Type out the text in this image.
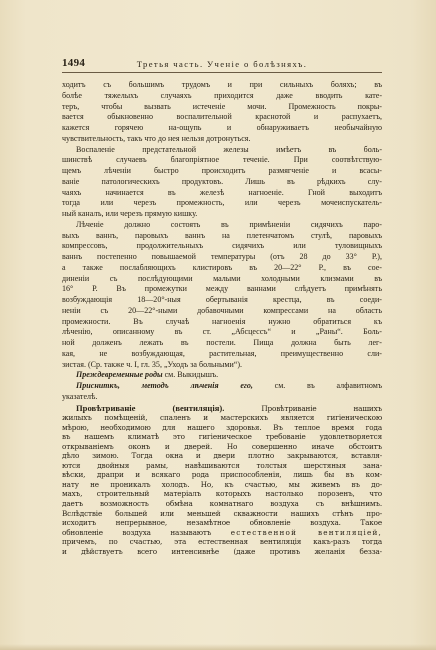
1494	Третья часть. Ученiе о болѣзняхъ.
ходитъ съ большимъ трудомъ и при сильныхъ боляхъ; въ
болѣе тяжелыхъ случаяхъ приходится даже вводить кате-
теръ, чтобы вызвать истеченiе мочи. Промежность покры-
вается обыкновенно воспалительной краснотой и распухаетъ,
кажется горячею на-ощупь и обнаруживаетъ необычайную
чувствительность, такъ что до нея нельзя дотронуться.
Воспаленiе предстательной железы имѣетъ въ боль-
шинствѣ случаевъ благопрiятное теченiе. При соотвѣтствую-
щемъ лѣченiи быстро происходитъ размягченiе и всасы-
ванiе патологическихъ продуктовъ. Лишь въ рѣдкихъ слу-
чаяхъ начинается въ железѣ нагноенiе. Гной выходитъ
тогда или черезъ промежность, или черезъ мочеиспускатель-
ный каналъ, или черезъ прямую кишку.
Лѣченiе должно состоять въ примѣненiи сидячихъ паро-
выхъ ваннъ, паровыхъ ваннъ на плетенчатомъ стулѣ, паровыхъ
компрессовъ, продолжительныхъ сидячихъ или туловищныхъ
ваннъ постепенно повышаемой температуры (отъ 28 до 33° Р.),
а также послабляющихъ клистировъ въ 20—22° Р., въ сое-
диненiи съ послѣдующими малыми холодными клизмами въ
16° Р. Въ промежутки между ваннами слѣдуетъ примѣнять
возбуждающiя 18—20°-ныя обертыванiя крестца, въ соеди-
ненiи съ 20—22°-ными добавочными компрессами на область
промежности. Въ случаѣ нагноенiя нужно обратиться къ
лѣченiю, описанному въ ст. „Абсцессъ“ и „Раны“. Боль-
ной долженъ лежать въ постели. Пища должна быть лег-
кая, не возбуждающая, растительная, преимущественно сли-
зистая. (Ср. также ч. I, гл. 35, „Уходъ за больными“).
Преждевременные роды см. Выкидышъ.
Присниткъ, методъ лѣченiя его, см. въ алфавитномъ
указателѣ.
Провѣтриванiе (вентиляцiя). Провѣтриванiе нашихъ
жилыхъ помѣщенiй, спаленъ и мастерскихъ является гигiеническою
мѣрою, необходимою для нашего здоровья. Въ теплое время года
въ нашемъ климатѣ это гигiеническое требованiе удовлетворяется
открыванiемъ оконъ и дверей. Но совершенно иначе обстоитъ
дѣло зимою. Тогда окна и двери плотно закрываются, вставля-
ются двойныя рамы, навѣшиваются толстыя шерстяныя зана-
вѣски, драпри и всякаго рода приспособленiя, лишь бы въ ком-
нату не проникалъ холодъ. Но, къ счастью, мы живемъ въ до-
махъ, строительный матерiалъ которыхъ настолько порозенъ, что
даетъ возможность обмѣна комнатнаго воздуха съ внѣшнимъ.
Вслѣдствiе большей или меньшей скважности нашихъ стѣнъ про-
исходитъ непрерывное, незамѣтное обновленiе воздуха. Такое
обновленiе воздуха называютъ	естественной вентиляцiей,
причемъ, по счастью, эта естественная вентиляцiя какъ-разъ тогда
и дѣйствуетъ всего интенсивнѣе (даже противъ желанiя безза-
